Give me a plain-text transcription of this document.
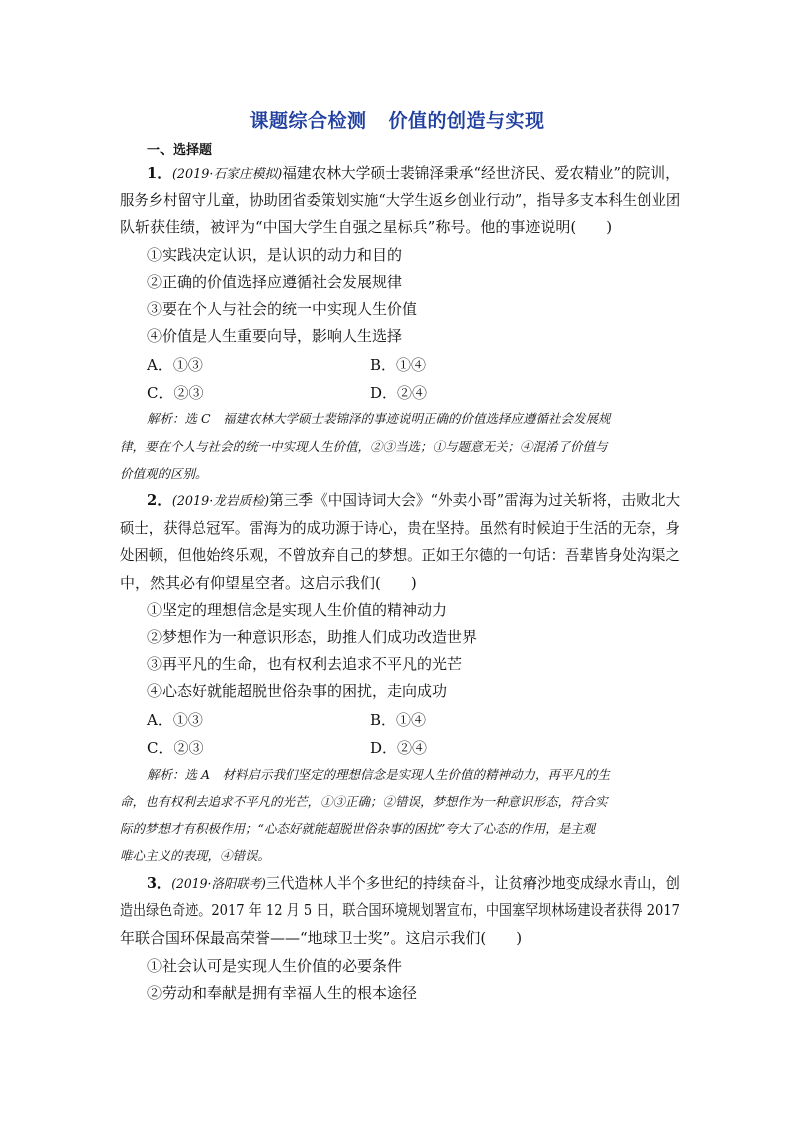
课题综合检测 价值的创造与实现
一、选择题
1．(2019·石家庄模拟)福建农林大学硕士裴锦泽秉承“经世济民、爱农精业”的院训，
服务乡村留守儿童，协助团省委策划实施“大学生返乡创业行动”，指导多支本科生创业团
队斩获佳绩，被评为“中国大学生自强之星标兵”称号。他的事迹说明(　　)
①实践决定认识，是认识的动力和目的
②正确的价值选择应遵循社会发展规律
③要在个人与社会的统一中实现人生价值
④价值是人生重要向导，影响人生选择
A．①③	B．①④
C．②③	D．②④
解析：选 C　福建农林大学硕士裴锦泽的事迹说明正确的价值选择应遵循社会发展规
律，要在个人与社会的统一中实现人生价值，②③当选；①与题意无关；④混淆了价值与
价值观的区别。
2．(2019·龙岩质检)第三季《中国诗词大会》“外卖小哥”雷海为过关斩将，击败北大
硕士，获得总冠军。雷海为的成功源于诗心，贵在坚持。虽然有时候迫于生活的无奈，身
处困顿，但他始终乐观，不曾放弃自己的梦想。正如王尔德的一句话：吾辈皆身处沟渠之
中，然其必有仰望星空者。这启示我们(　　)
①坚定的理想信念是实现人生价值的精神动力
②梦想作为一种意识形态，助推人们成功改造世界
③再平凡的生命，也有权利去追求不平凡的光芒
④心态好就能超脱世俗杂事的困扰，走向成功
A．①③	B．①④
C．②③	D．②④
解析：选 A　材料启示我们坚定的理想信念是实现人生价值的精神动力，再平凡的生
命，也有权利去追求不平凡的光芒，①③正确；②错误，梦想作为一种意识形态，符合实
际的梦想才有积极作用；“心态好就能超脱世俗杂事的困扰”夸大了心态的作用，是主观
唯心主义的表现，④错误。
3．(2019·洛阳联考)三代造林人半个多世纪的持续奋斗，让贫瘠沙地变成绿水青山，创
造出绿色奇迹。2017 年 12 月 5 日，联合国环境规划署宣布，中国塞罕坝林场建设者获得 2017
年联合国环保最高荣誉——“地球卫士奖”。这启示我们(　　)
①社会认可是实现人生价值的必要条件
②劳动和奉献是拥有幸福人生的根本途径
